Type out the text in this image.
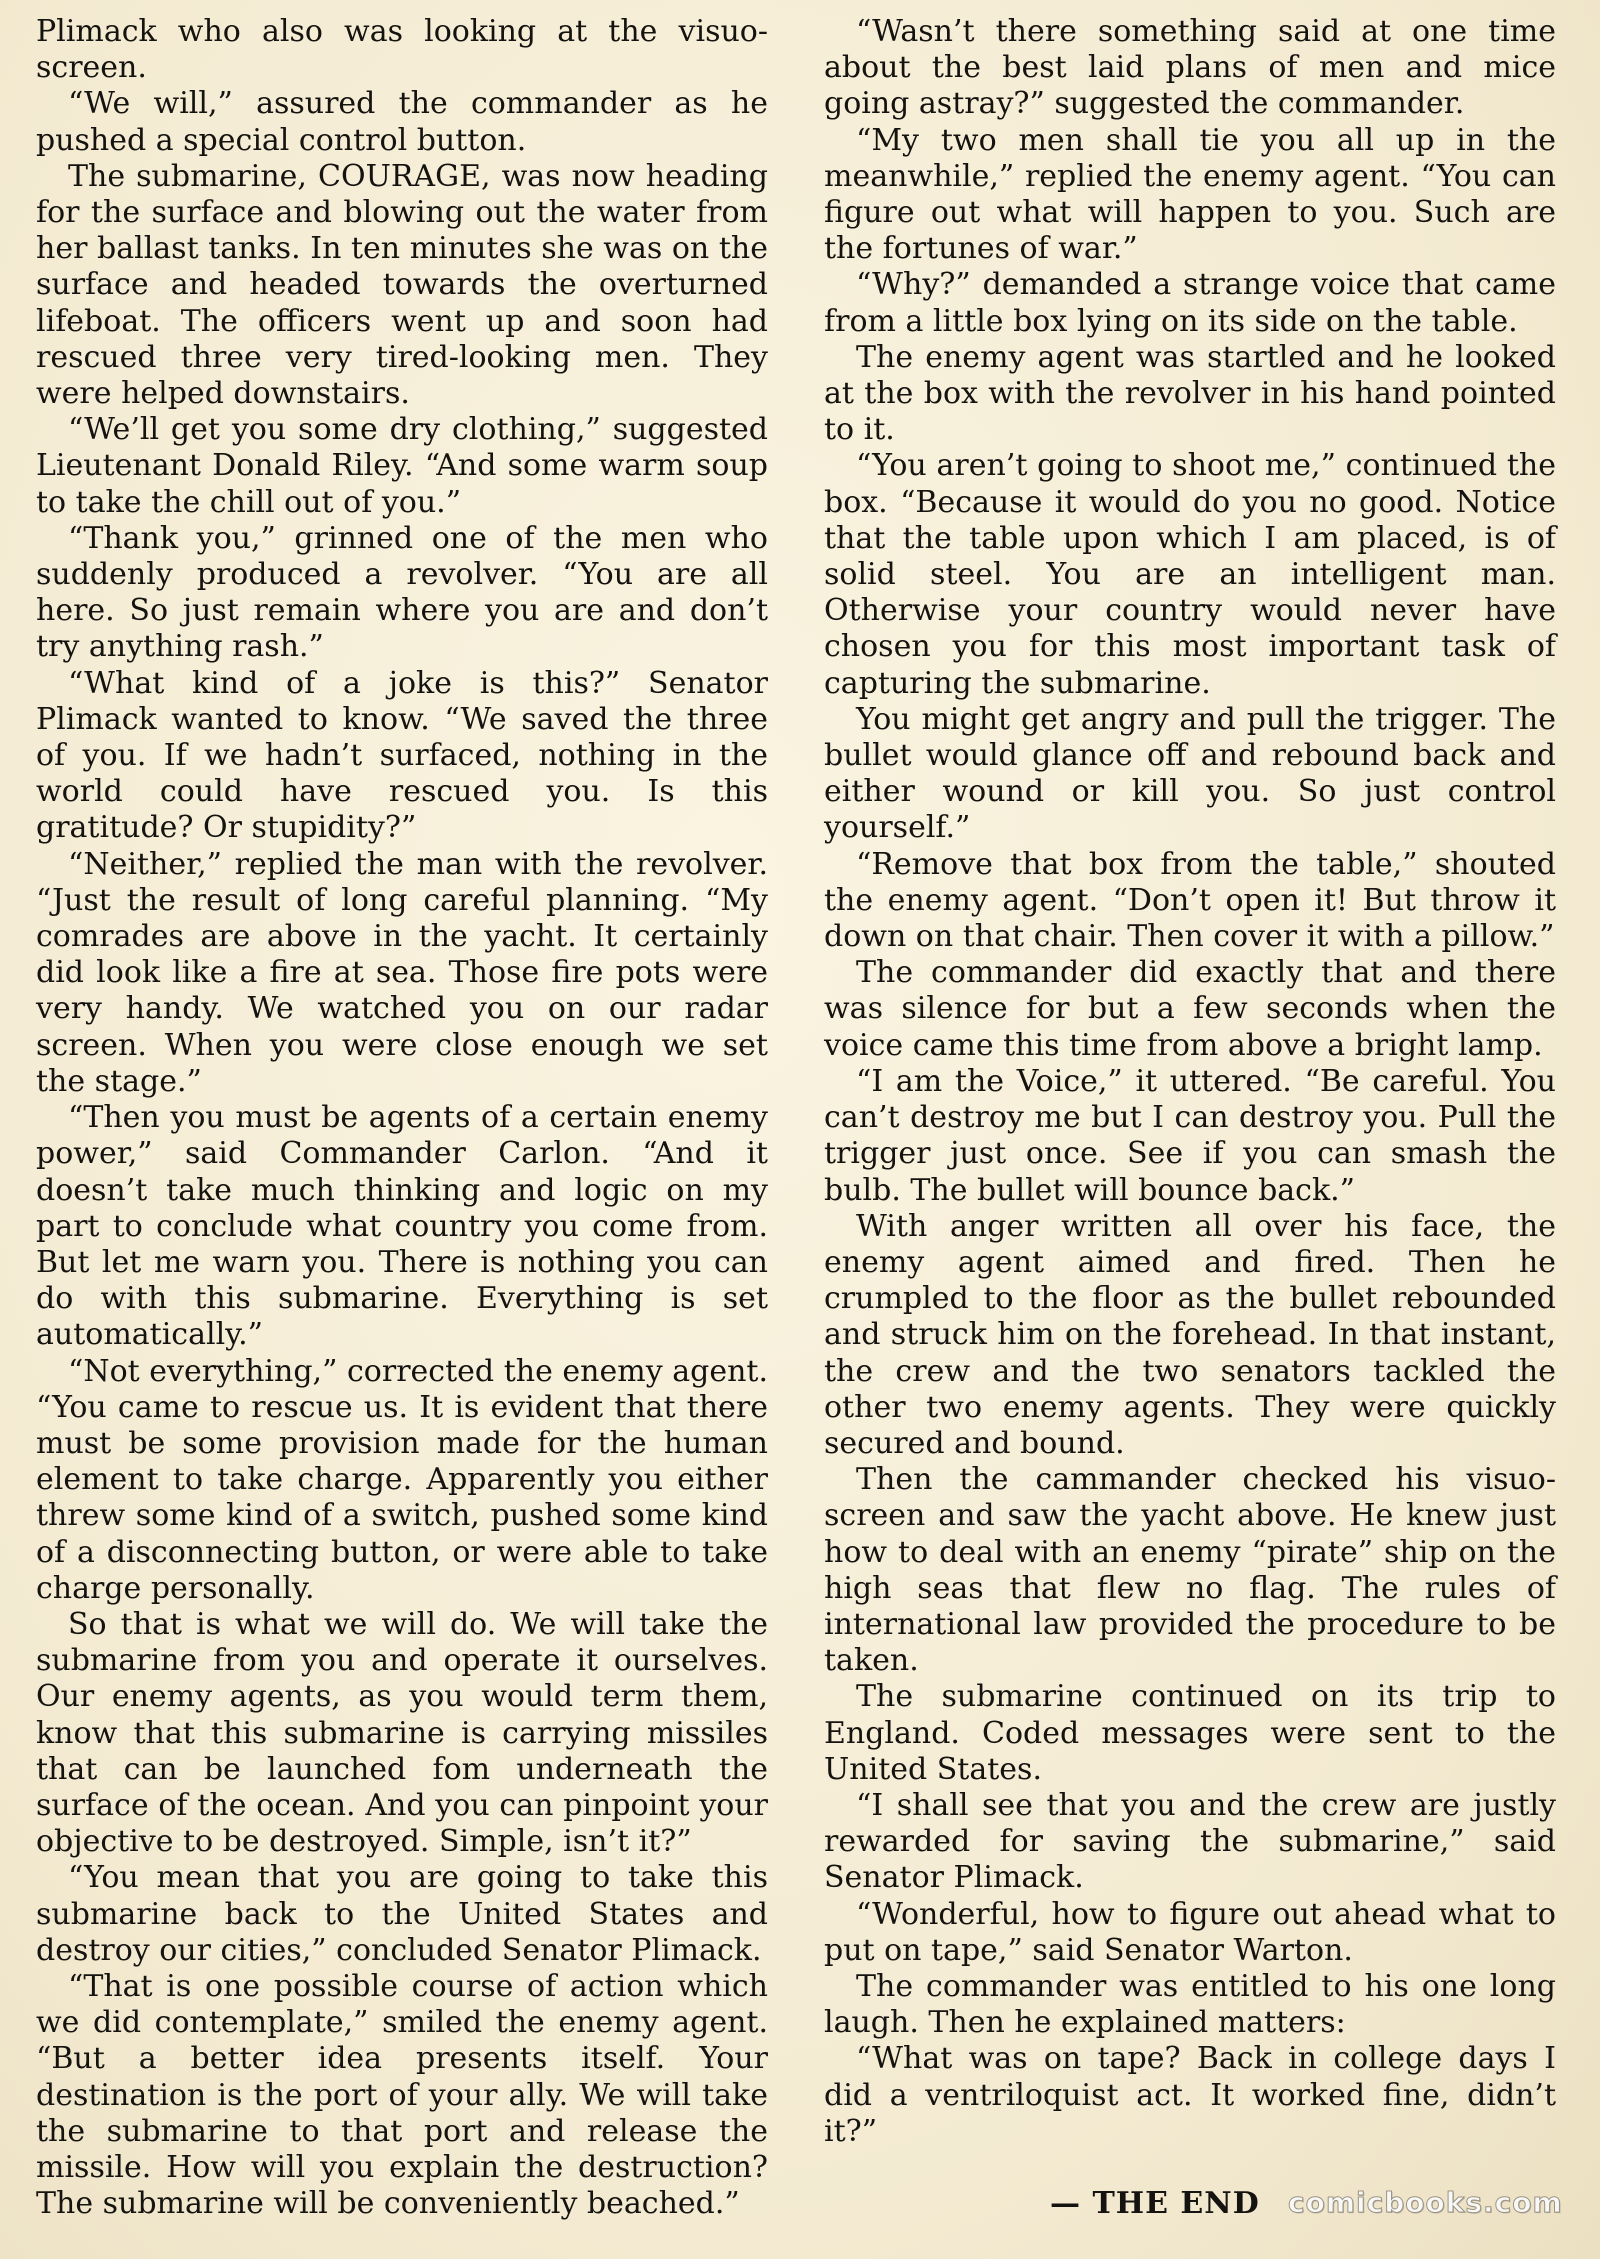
Plimack who also was looking at the visuo-screen.

“We will,” assured the commander as he pushed a special control button.

The submarine, COURAGE, was now heading for the surface and blowing out the water from her ballast tanks. In ten minutes she was on the surface and headed towards the overturned lifeboat. The officers went up and soon had rescued three very tired-looking men. They were helped downstairs.

“We’ll get you some dry clothing,” suggested Lieutenant Donald Riley. “And some warm soup to take the chill out of you.”

“Thank you,” grinned one of the men who suddenly produced a revolver. “You are all here. So just remain where you are and don’t try anything rash.”

“What kind of a joke is this?” Senator Plimack wanted to know. “We saved the three of you. If we hadn’t surfaced, nothing in the world could have rescued you. Is this gratitude? Or stupidity?”

“Neither,” replied the man with the revolver. “Just the result of long careful planning. “My comrades are above in the yacht. It certainly did look like a fire at sea. Those fire pots were very handy. We watched you on our radar screen. When you were close enough we set the stage.”

“Then you must be agents of a certain enemy power,” said Commander Carlon. “And it doesn’t take much thinking and logic on my part to conclude what country you come from. But let me warn you. There is nothing you can do with this submarine. Everything is set automatically.”

“Not everything,” corrected the enemy agent. “You came to rescue us. It is evident that there must be some provision made for the human element to take charge. Apparently you either threw some kind of a switch, pushed some kind of a disconnecting button, or were able to take charge personally.

So that is what we will do. We will take the submarine from you and operate it ourselves. Our enemy agents, as you would term them, know that this submarine is carrying missiles that can be launched fom underneath the surface of the ocean. And you can pinpoint your objective to be destroyed. Simple, isn’t it?”

“You mean that you are going to take this submarine back to the United States and destroy our cities,” concluded Senator Plimack.

“That is one possible course of action which we did contemplate,” smiled the enemy agent. “But a better idea presents itself. Your destination is the port of your ally. We will take the submarine to that port and release the missile. How will you explain the destruction? The submarine will be conveniently beached.”

“Wasn’t there something said at one time about the best laid plans of men and mice going astray?” suggested the commander.

“My two men shall tie you all up in the meanwhile,” replied the enemy agent. “You can figure out what will happen to you. Such are the fortunes of war.”

“Why?” demanded a strange voice that came from a little box lying on its side on the table.

The enemy agent was startled and he looked at the box with the revolver in his hand pointed to it.

“You aren’t going to shoot me,” continued the box. “Because it would do you no good. Notice that the table upon which I am placed, is of solid steel. You are an intelligent man. Otherwise your country would never have chosen you for this most important task of capturing the submarine.

You might get angry and pull the trigger. The bullet would glance off and rebound back and either wound or kill you. So just control yourself.”

“Remove that box from the table,” shouted the enemy agent. “Don’t open it! But throw it down on that chair. Then cover it with a pillow.”

The commander did exactly that and there was silence for but a few seconds when the voice came this time from above a bright lamp.

“I am the Voice,” it uttered. “Be careful. You can’t destroy me but I can destroy you. Pull the trigger just once. See if you can smash the bulb. The bullet will bounce back.”

With anger written all over his face, the enemy agent aimed and fired. Then he crumpled to the floor as the bullet rebounded and struck him on the forehead. In that instant, the crew and the two senators tackled the other two enemy agents. They were quickly secured and bound.

Then the cammander checked his visuo-screen and saw the yacht above. He knew just how to deal with an enemy “pirate” ship on the high seas that flew no flag. The rules of international law provided the procedure to be taken.

The submarine continued on its trip to England. Coded messages were sent to the United States.

“I shall see that you and the crew are justly rewarded for saving the submarine,” said Senator Plimack.

“Wonderful, how to figure out ahead what to put on tape,” said Senator Warton.

The commander was entitled to his one long laugh. Then he explained matters:

“What was on tape? Back in college days I did a ventriloquist act. It worked fine, didn’t it?”

— THE END comicbooks.com
